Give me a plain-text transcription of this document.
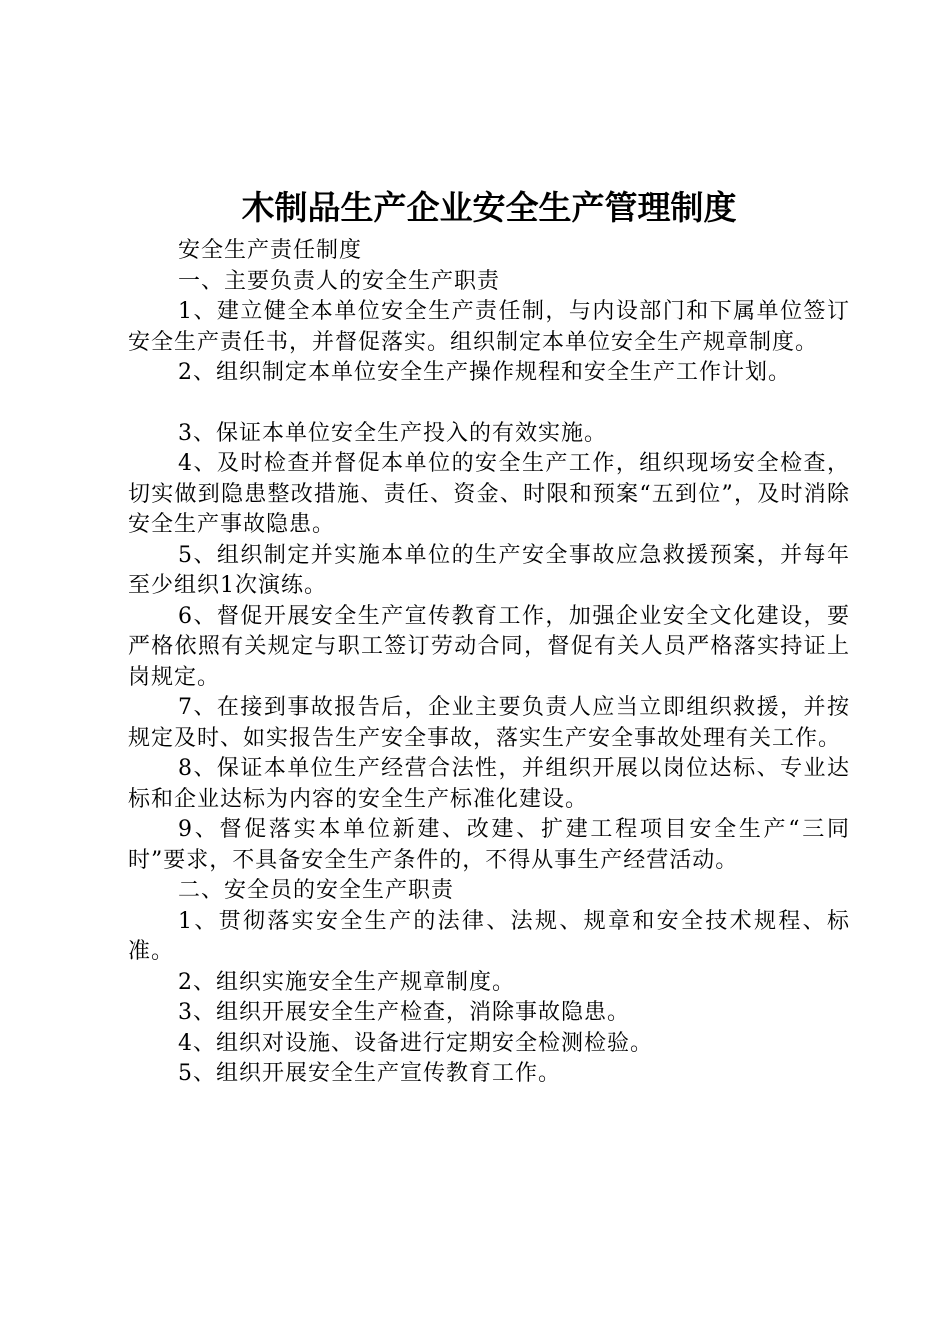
木制品生产企业安全生产管理制度

安全生产责任制度

一、主要负责人的安全生产职责

1、建立健全本单位安全生产责任制，与内设部门和下属单位签订安全生产责任书，并督促落实。组织制定本单位安全生产规章制度。

2、组织制定本单位安全生产操作规程和安全生产工作计划。

3、保证本单位安全生产投入的有效实施。

4、及时检查并督促本单位的安全生产工作，组织现场安全检查，切实做到隐患整改措施、责任、资金、时限和预案“五到位”，及时消除安全生产事故隐患。

5、组织制定并实施本单位的生产安全事故应急救援预案，并每年至少组织1次演练。

6、督促开展安全生产宣传教育工作，加强企业安全文化建设，要严格依照有关规定与职工签订劳动合同，督促有关人员严格落实持证上岗规定。

7、在接到事故报告后，企业主要负责人应当立即组织救援，并按规定及时、如实报告生产安全事故，落实生产安全事故处理有关工作。

8、保证本单位生产经营合法性，并组织开展以岗位达标、专业达标和企业达标为内容的安全生产标准化建设。

9、督促落实本单位新建、改建、扩建工程项目安全生产“三同时”要求，不具备安全生产条件的，不得从事生产经营活动。

二、安全员的安全生产职责

1、贯彻落实安全生产的法律、法规、规章和安全技术规程、标准。

2、组织实施安全生产规章制度。

3、组织开展安全生产检查，消除事故隐患。

4、组织对设施、设备进行定期安全检测检验。

5、组织开展安全生产宣传教育工作。
